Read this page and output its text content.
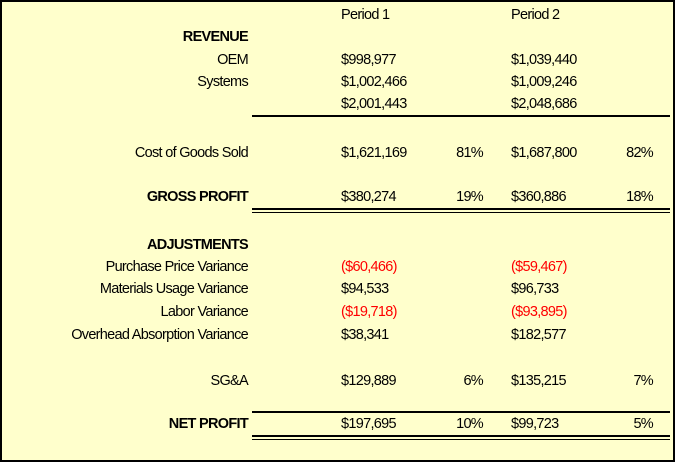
Period 1	Period 2
REVENUE
OEM	$998,977	$1,039,440
Systems	$1,002,466	$1,009,246
$2,001,443	$2,048,686
Cost of Goods Sold	$1,621,169	81% $1,687,800	82%
GROSS PROFIT	$380,274	19% $360,886	18%
ADJUSTMENTS
Purchase Price Variance	($60,466)	($59,467)
Materials Usage Variance	$94,533	$96,733
Labor Variance	($19,718)	($93,895)
Overhead Absorption Variance	$38,341	$182,577
SG&A	$129,889	6% $135,215	7%
NET PROFIT	$197,695	10% $99,723	5%
